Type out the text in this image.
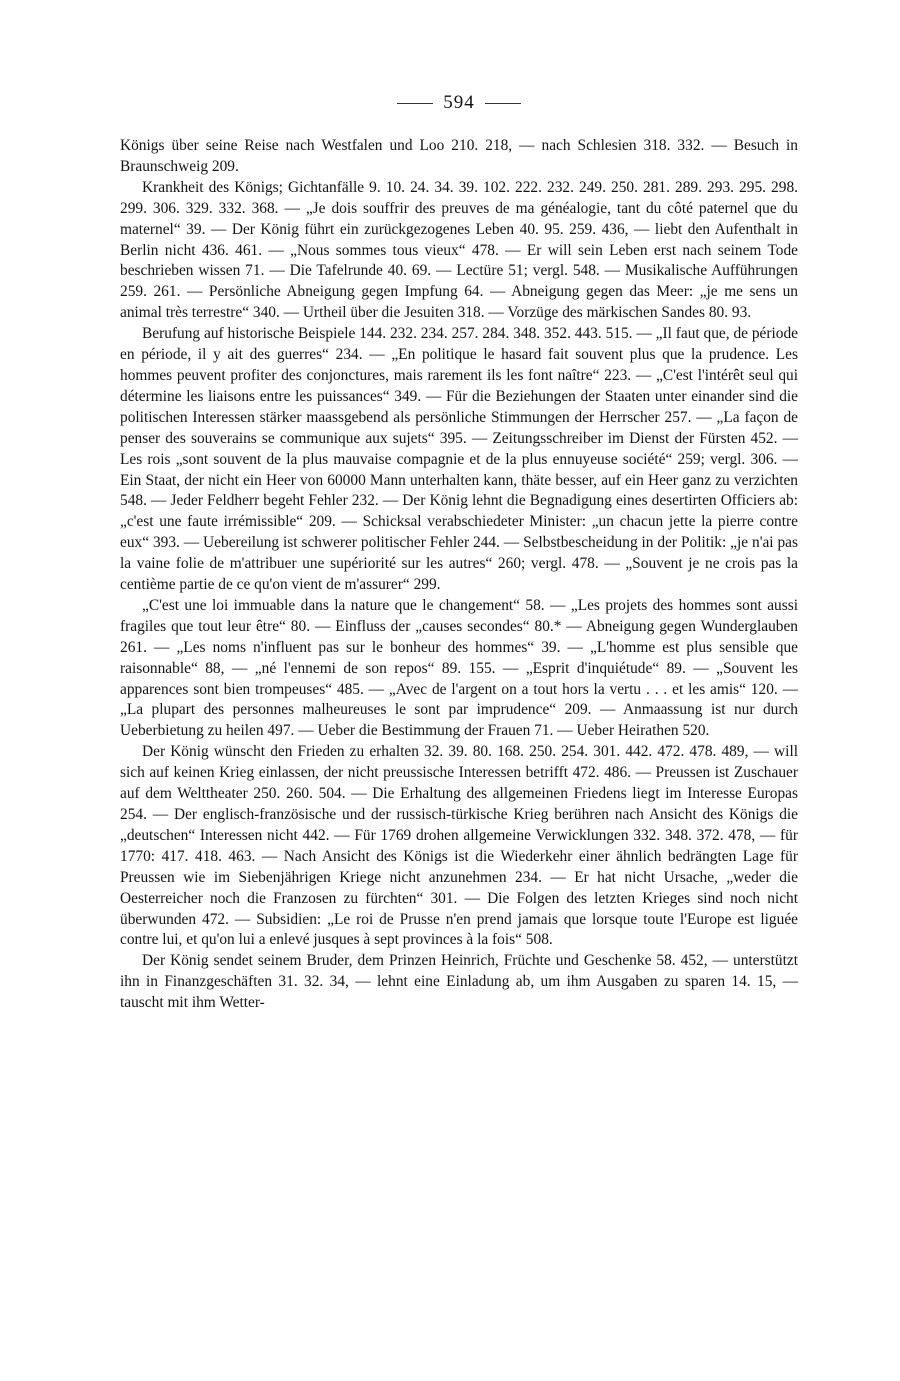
594

Königs über seine Reise nach Westfalen und Loo 210. 218, — nach Schlesien 318. 332. — Besuch in Braunschweig 209.

Krankheit des Königs; Gichtanfälle 9. 10. 24. 34. 39. 102. 222. 232. 249. 250. 281. 289. 293. 295. 298. 299. 306. 329. 332. 368. — „Je dois souffrir des preuves de ma généalogie, tant du côté paternel que du maternel“ 39. — Der König führt ein zurückgezogenes Leben 40. 95. 259. 436, — liebt den Aufenthalt in Berlin nicht 436. 461. — „Nous sommes tous vieux“ 478. — Er will sein Leben erst nach seinem Tode beschrieben wissen 71. — Die Tafelrunde 40. 69. — Lectüre 51; vergl. 548. — Musikalische Aufführungen 259. 261. — Persönliche Abneigung gegen Impfung 64. — Abneigung gegen das Meer: „je me sens un animal très terrestre“ 340. — Urtheil über die Jesuiten 318. — Vorzüge des märkischen Sandes 80. 93.

Berufung auf historische Beispiele 144. 232. 234. 257. 284. 348. 352. 443. 515. — „Il faut que, de période en période, il y ait des guerres“ 234. — „En politique le hasard fait souvent plus que la prudence. Les hommes peuvent profiter des conjonctures, mais rarement ils les font naître“ 223. — „C'est l'intérêt seul qui détermine les liaisons entre les puissances“ 349. — Für die Beziehungen der Staaten unter einander sind die politischen Interessen stärker maassgebend als persönliche Stimmungen der Herrscher 257. — „La façon de penser des souverains se communique aux sujets“ 395. — Zeitungsschreiber im Dienst der Fürsten 452. — Les rois „sont souvent de la plus mauvaise compagnie et de la plus ennuyeuse société“ 259; vergl. 306. — Ein Staat, der nicht ein Heer von 60000 Mann unterhalten kann, thäte besser, auf ein Heer ganz zu verzichten 548. — Jeder Feldherr begeht Fehler 232. — Der König lehnt die Begnadigung eines desertirten Officiers ab: „c'est une faute irrémissible“ 209. — Schicksal verabschiedeter Minister: „un chacun jette la pierre contre eux“ 393. — Uebereilung ist schwerer politischer Fehler 244. — Selbstbescheidung in der Politik: „je n'ai pas la vaine folie de m'attribuer une supériorité sur les autres“ 260; vergl. 478. — „Souvent je ne crois pas la centième partie de ce qu'on vient de m'assurer“ 299.

„C'est une loi immuable dans la nature que le changement“ 58. — „Les projets des hommes sont aussi fragiles que tout leur être“ 80. — Einfluss der „causes secondes“ 80.* — Abneigung gegen Wunderglauben 261. — „Les noms n'influent pas sur le bonheur des hommes“ 39. — „L'homme est plus sensible que raisonnable“ 88, — „né l'ennemi de son repos“ 89. 155. — „Esprit d'inquiétude“ 89. — „Souvent les apparences sont bien trompeuses“ 485. — „Avec de l'argent on a tout hors la vertu . . . et les amis“ 120. — „La plupart des personnes malheureuses le sont par imprudence“ 209. — Anmaassung ist nur durch Ueberbietung zu heilen 497. — Ueber die Bestimmung der Frauen 71. — Ueber Heirathen 520.

Der König wünscht den Frieden zu erhalten 32. 39. 80. 168. 250. 254. 301. 442. 472. 478. 489, — will sich auf keinen Krieg einlassen, der nicht preussische Interessen betrifft 472. 486. — Preussen ist Zuschauer auf dem Welttheater 250. 260. 504. — Die Erhaltung des allgemeinen Friedens liegt im Interesse Europas 254. — Der englisch-französische und der russisch-türkische Krieg berühren nach Ansicht des Königs die „deutschen“ Interessen nicht 442. — Für 1769 drohen allgemeine Verwicklungen 332. 348. 372. 478, — für 1770: 417. 418. 463. — Nach Ansicht des Königs ist die Wiederkehr einer ähnlich bedrängten Lage für Preussen wie im Siebenjährigen Kriege nicht anzunehmen 234. — Er hat nicht Ursache, „weder die Oesterreicher noch die Franzosen zu fürchten“ 301. — Die Folgen des letzten Krieges sind noch nicht überwunden 472. — Subsidien: „Le roi de Prusse n'en prend jamais que lorsque toute l'Europe est liguée contre lui, et qu'on lui a enlevé jusques à sept provinces à la fois“ 508.

Der König sendet seinem Bruder, dem Prinzen Heinrich, Früchte und Geschenke 58. 452, — unterstützt ihn in Finanzgeschäften 31. 32. 34, — lehnt eine Einladung ab, um ihm Ausgaben zu sparen 14. 15, — tauscht mit ihm Wetter-
